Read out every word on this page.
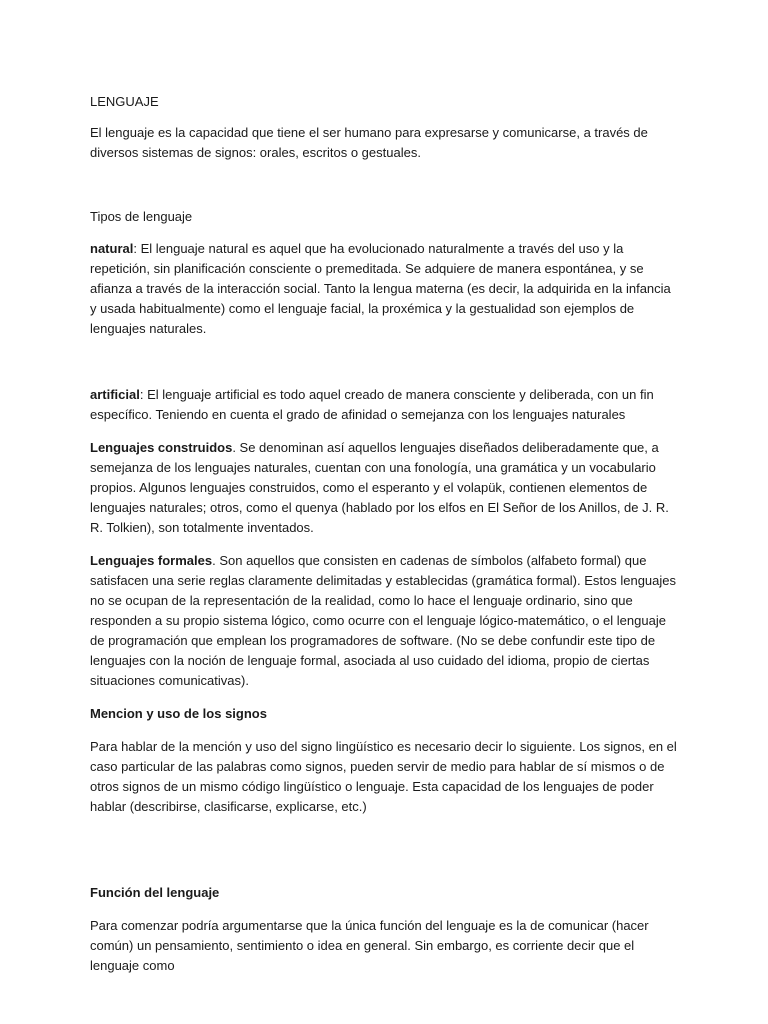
LENGUAJE

El lenguaje es la capacidad que tiene el ser humano para expresarse y comunicarse, a través de diversos sistemas de signos: orales, escritos o gestuales.

Tipos de lenguaje

natural: El lenguaje natural es aquel que ha evolucionado naturalmente a través del uso y la repetición, sin planificación consciente o premeditada. Se adquiere de manera espontánea, y se afianza a través de la interacción social. Tanto la lengua materna (es decir, la adquirida en la infancia y usada habitualmente) como el lenguaje facial, la proxémica y la gestualidad son ejemplos de lenguajes naturales.

artificial: El lenguaje artificial es todo aquel creado de manera consciente y deliberada, con un fin específico. Teniendo en cuenta el grado de afinidad o semejanza con los lenguajes naturales

Lenguajes construidos. Se denominan así aquellos lenguajes diseñados deliberadamente que, a semejanza de los lenguajes naturales, cuentan con una fonología, una gramática y un vocabulario propios. Algunos lenguajes construidos, como el esperanto y el volapük, contienen elementos de lenguajes naturales; otros, como el quenya (hablado por los elfos en El Señor de los Anillos, de J. R. R. Tolkien), son totalmente inventados.

Lenguajes formales. Son aquellos que consisten en cadenas de símbolos (alfabeto formal) que satisfacen una serie reglas claramente delimitadas y establecidas (gramática formal). Estos lenguajes no se ocupan de la representación de la realidad, como lo hace el lenguaje ordinario, sino que responden a su propio sistema lógico, como ocurre con el lenguaje lógico-matemático, o el lenguaje de programación que emplean los programadores de software. (No se debe confundir este tipo de lenguajes con la noción de lenguaje formal, asociada al uso cuidado del idioma, propio de ciertas situaciones comunicativas).

Mencion y uso de los signos

Para hablar de la mención y uso del signo lingüístico es necesario decir lo siguiente. Los signos, en el caso particular de las palabras como signos, pueden servir de medio para hablar de sí mismos o de otros signos de un mismo código lingüístico o lenguaje. Esta capacidad de los lenguajes de poder hablar (describirse, clasificarse, explicarse, etc.)

Función del lenguaje

Para comenzar podría argumentarse que la única función del lenguaje es la de comunicar (hacer común) un pensamiento, sentimiento o idea en general. Sin embargo, es corriente decir que el lenguaje como
